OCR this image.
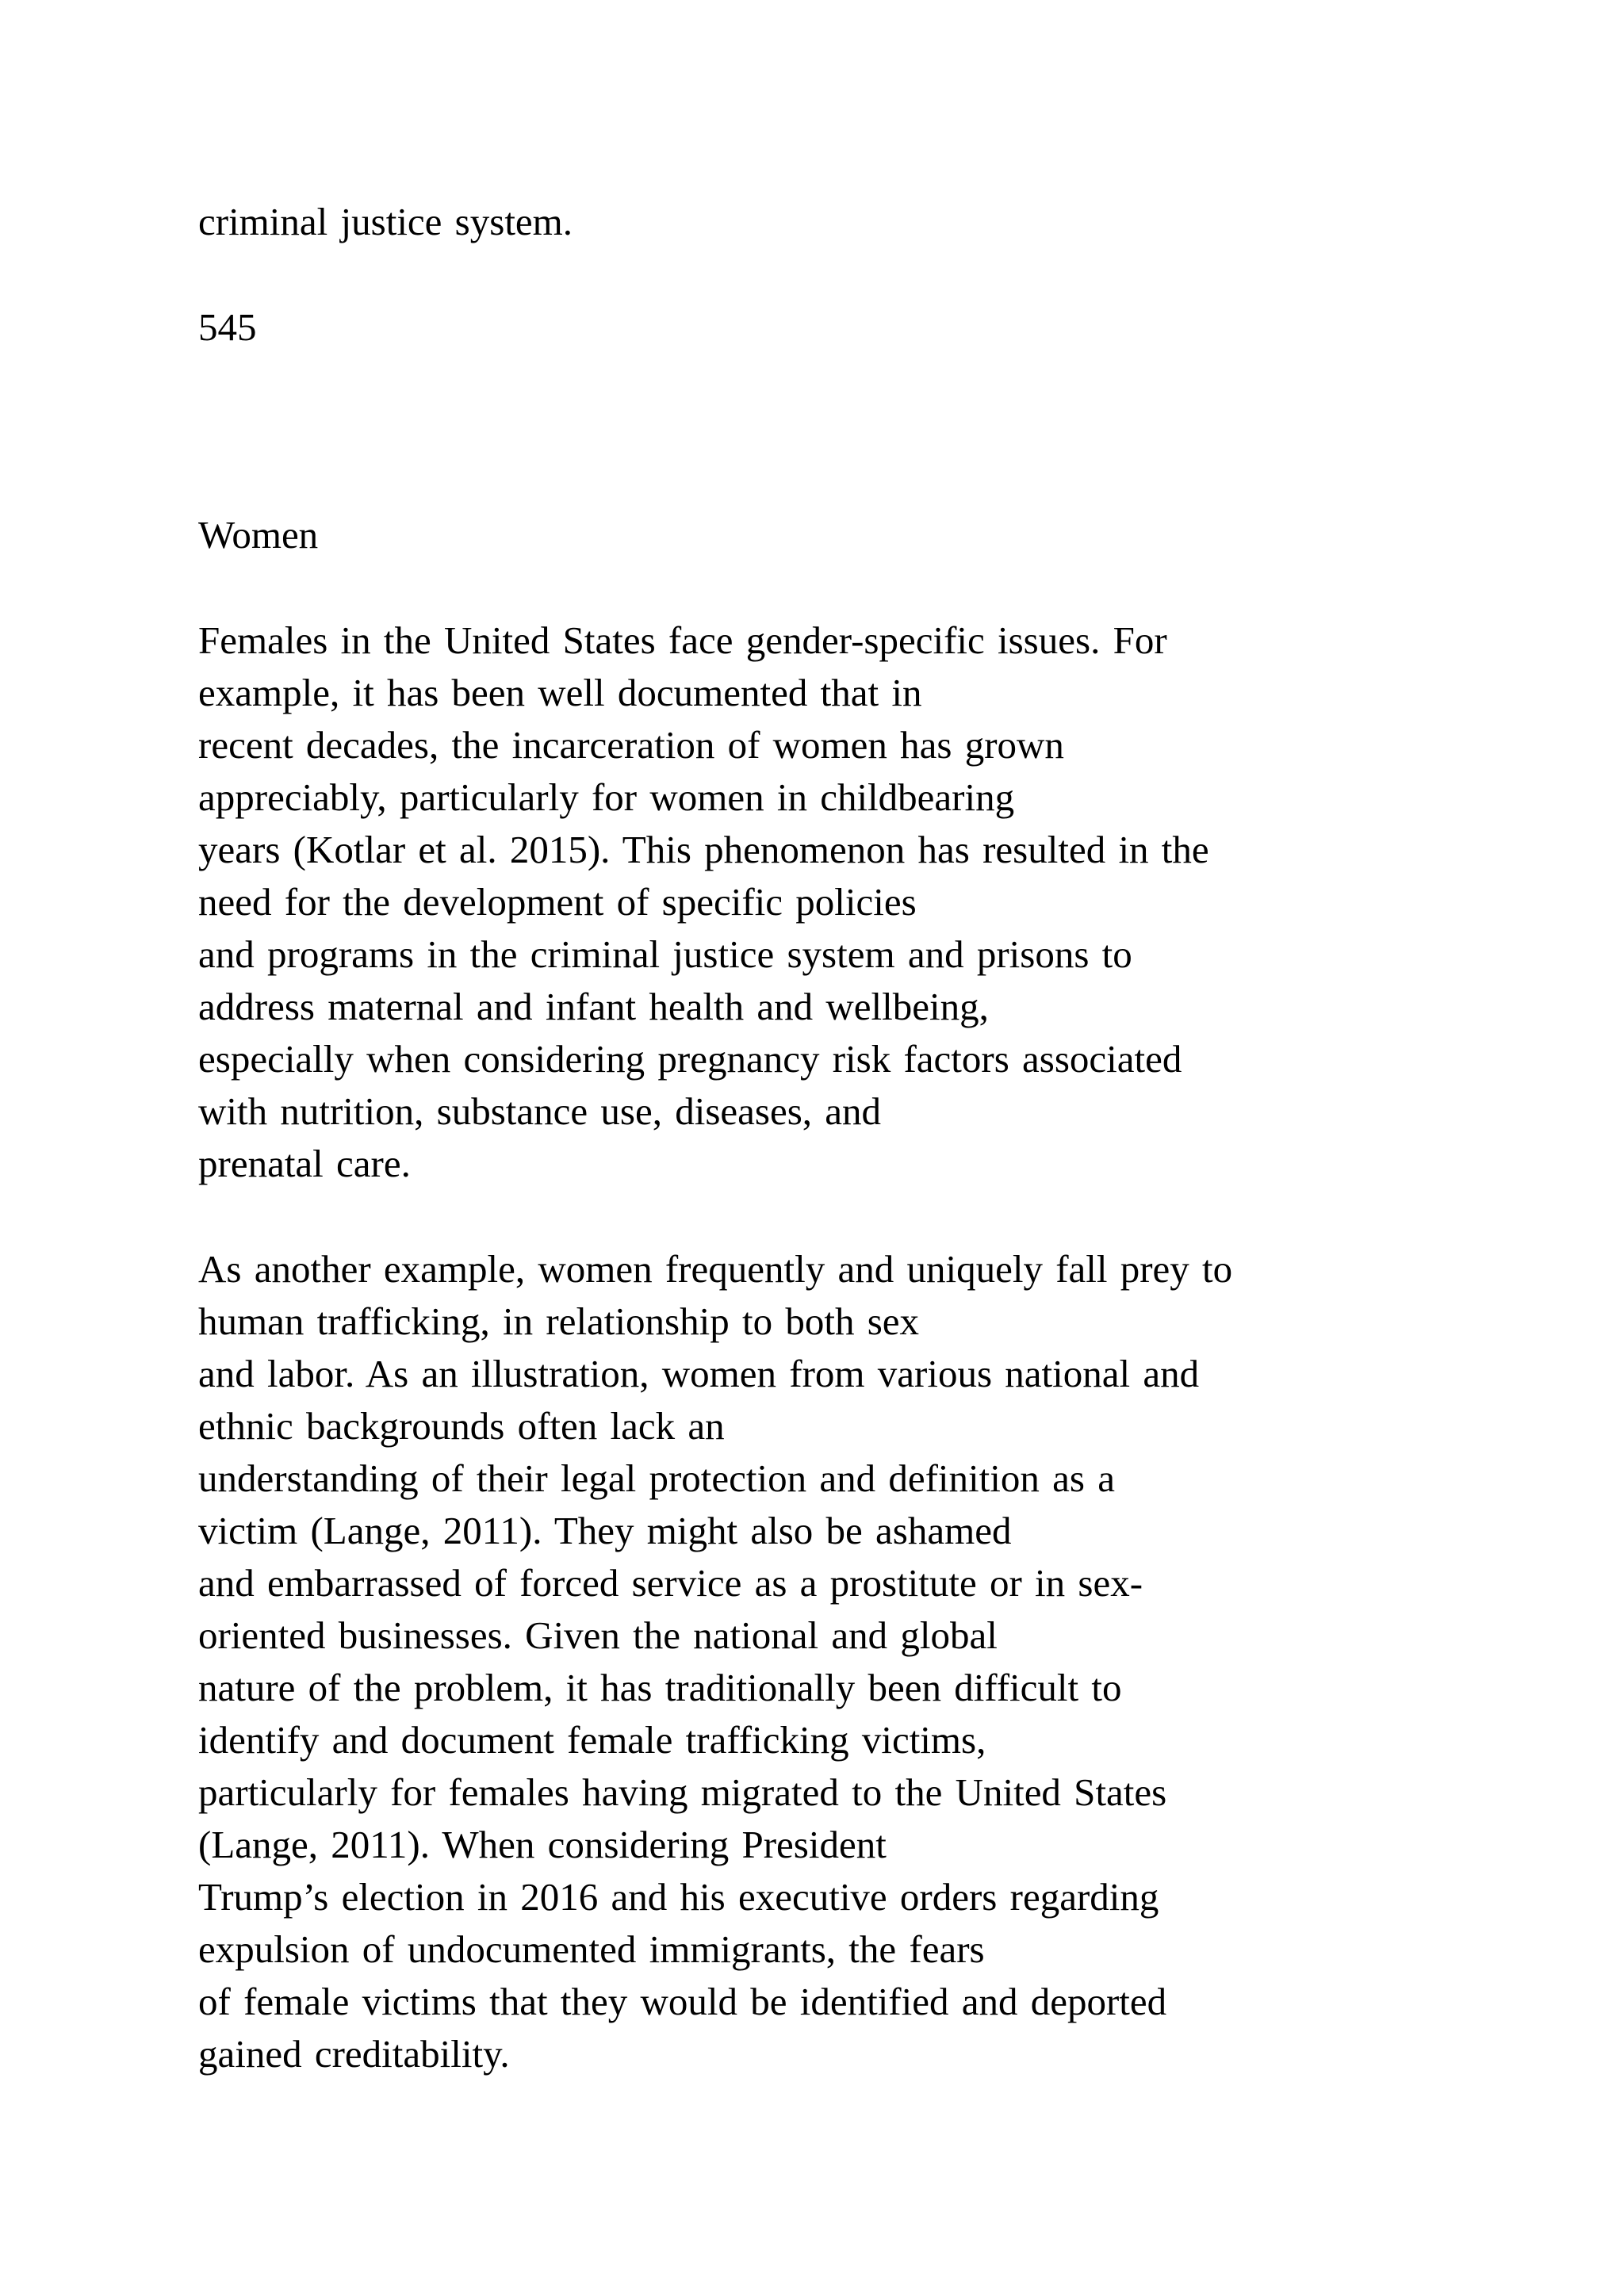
criminal justice system.
545
Women
Females in the United States face gender-specific issues. For
example, it has been well documented that in
recent decades, the incarceration of women has grown
appreciably, particularly for women in childbearing
years (Kotlar et al. 2015). This phenomenon has resulted in the
need for the development of specific policies
and programs in the criminal justice system and prisons to
address maternal and infant health and wellbeing,
especially when considering pregnancy risk factors associated
with nutrition, substance use, diseases, and
prenatal care.
As another example, women frequently and uniquely fall prey to
human trafficking, in relationship to both sex
and labor. As an illustration, women from various national and
ethnic backgrounds often lack an
understanding of their legal protection and definition as a
victim (Lange, 2011). They might also be ashamed
and embarrassed of forced service as a prostitute or in sex-
oriented businesses. Given the national and global
nature of the problem, it has traditionally been difficult to
identify and document female trafficking victims,
particularly for females having migrated to the United States
(Lange, 2011). When considering President
Trump’s election in 2016 and his executive orders regarding
expulsion of undocumented immigrants, the fears
of female victims that they would be identified and deported
gained creditability.
